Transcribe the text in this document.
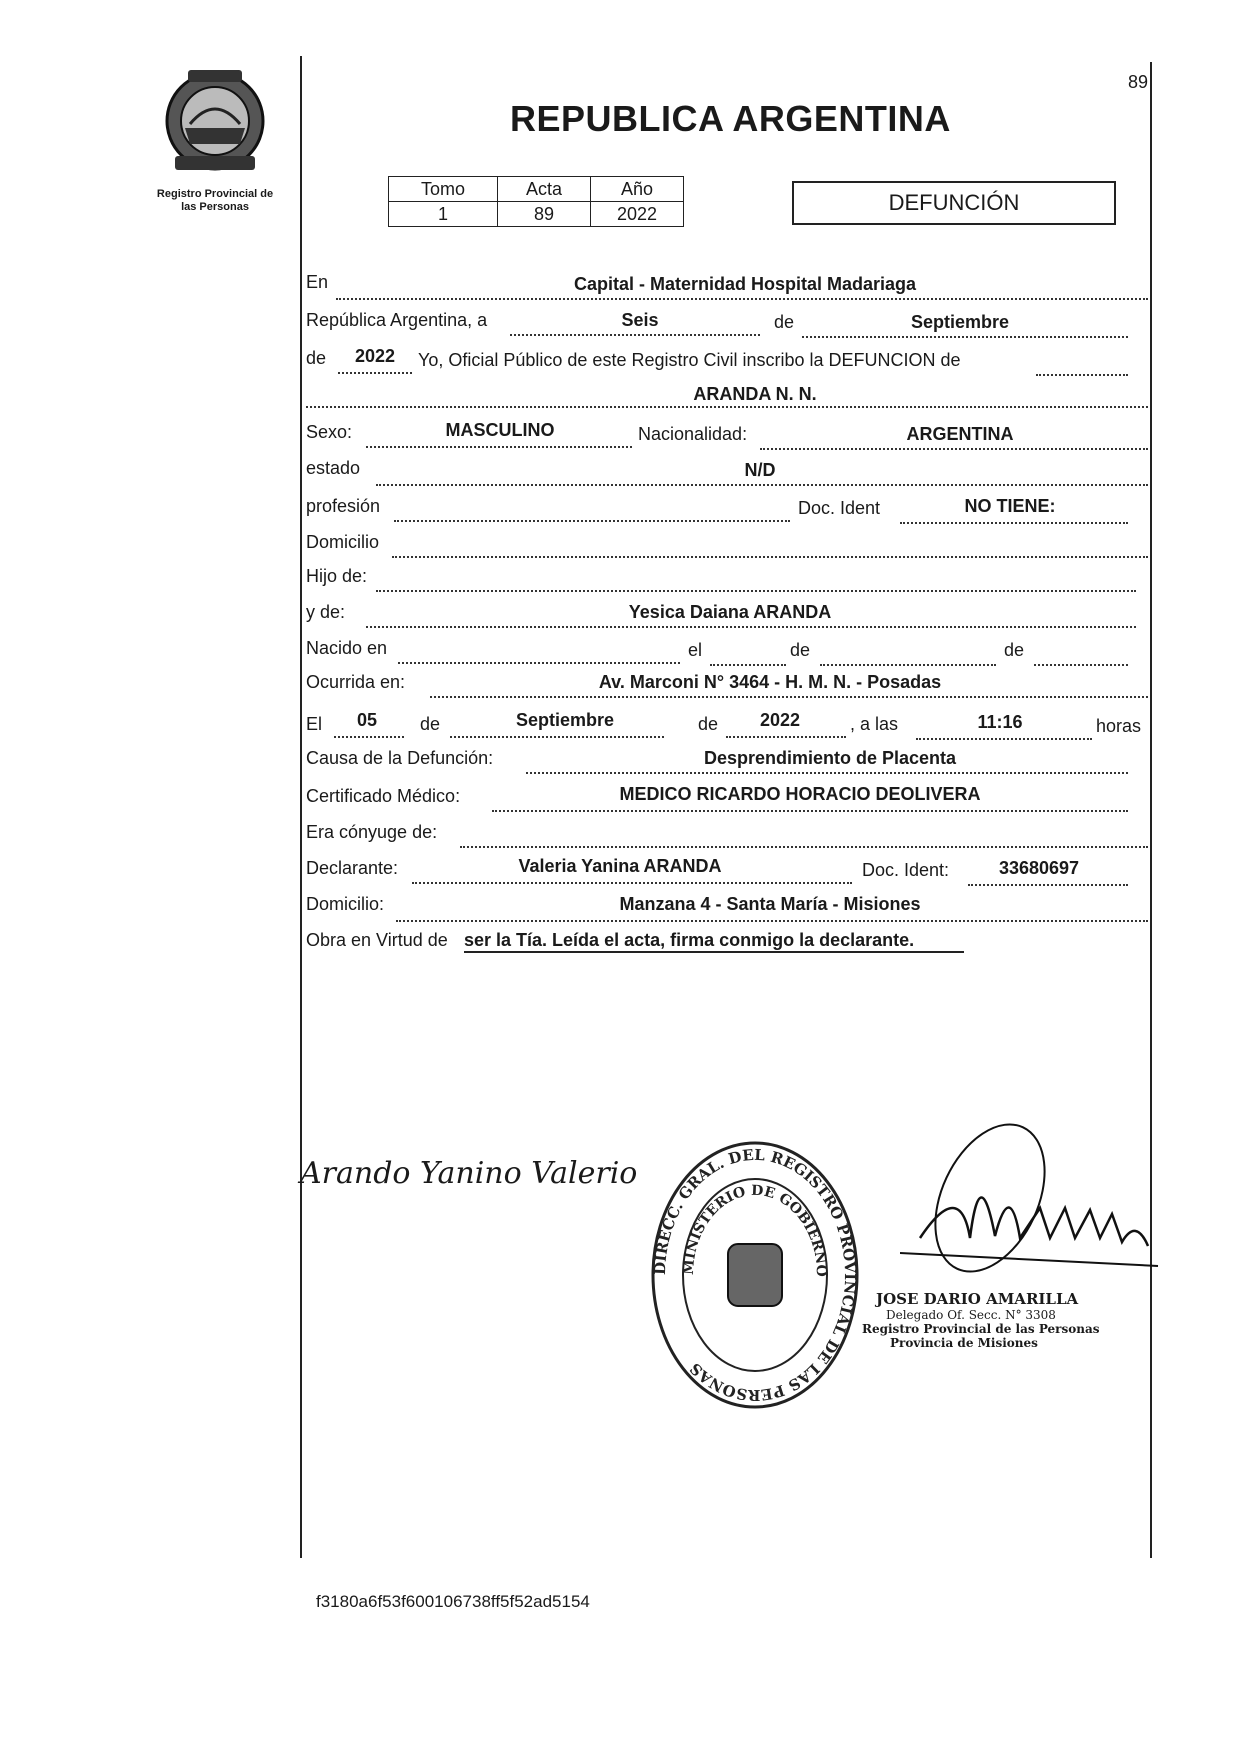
89
Registro Provincial de
las Personas
REPUBLICA ARGENTINA
Tomo	Acta	Año
1	89	2022	DEFUNCIÓN
En	Capital - Maternidad Hospital Madariaga
República Argentina, a	Seis	de	Septiembre
de	2022	Yo, Oficial Público de este Registro Civil inscribo la DEFUNCION de
ARANDA N. N.
Sexo:	MASCULINO	Nacionalidad:	ARGENTINA
estado	N/D
profesión	Doc. Ident	NO TIENE:
Domicilio
Hijo de:
y de:	Yesica Daiana ARANDA
Nacido en	el	de	de
Ocurrida en:	Av. Marconi N° 3464 - H. M. N. - Posadas
El	05	de	Septiembre	de	2022	, a las	11:16	horas
Causa de la Defunción:	Desprendimiento de Placenta
Certificado Médico:	MEDICO RICARDO HORACIO DEOLIVERA
Era cónyuge de:
Declarante:	Valeria Yanina ARANDA	Doc. Ident:	33680697
Domicilio:	Manzana 4 - Santa María - Misiones
Obra en Virtud de ser la Tía. Leída el acta, firma conmigo la declarante.
Arando Yanino Valerio
DIRECC. GRAL. DEL REGISTRO PROVINCIAL DE LAS PERSONAS
MINISTERIO DE GOBIERNO
JOSE DARIO AMARILLA
Delegado Of. Secc. N° 3308
Registro Provincial de las Personas
Provincia de Misiones
f3180a6f53f600106738ff5f52ad5154
